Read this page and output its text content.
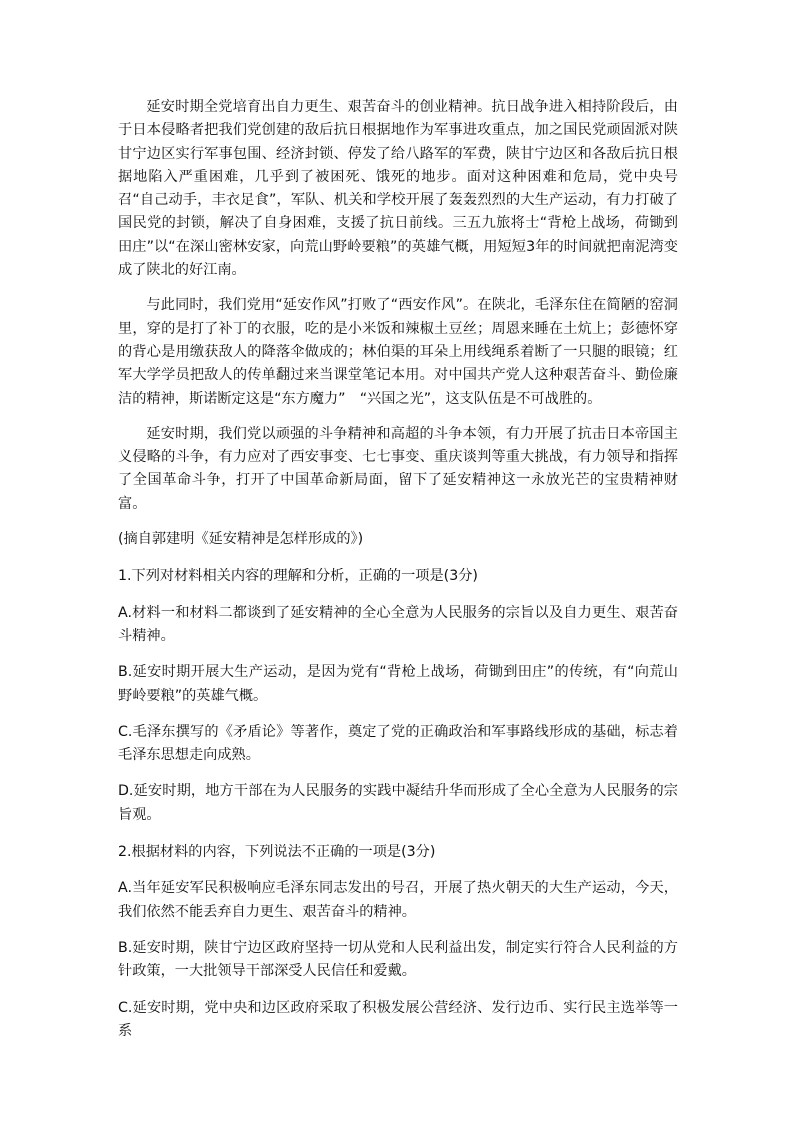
延安时期全党培育出自力更生、艰苦奋斗的创业精神。抗日战争进入相持阶段后，由于日本侵略者把我们党创建的敌后抗日根据地作为军事进攻重点，加之国民党顽固派对陕甘宁边区实行军事包围、经济封锁、停发了给八路军的军费，陕甘宁边区和各敌后抗日根据地陷入严重困难，几乎到了被困死、饿死的地步。面对这种困难和危局，党中央号召“自己动手，丰衣足食”，军队、机关和学校开展了轰轰烈烈的大生产运动，有力打破了国民党的封锁，解决了自身困难，支援了抗日前线。三五九旅将士“背枪上战场，荷锄到田庄”以“在深山密林安家，向荒山野岭要粮”的英雄气概，用短短3年的时间就把南泥湾变成了陕北的好江南。

与此同时，我们党用“延安作风”打败了“西安作风”。在陕北，毛泽东住在简陋的窑洞里，穿的是打了补丁的衣服，吃的是小米饭和辣椒土豆丝；周恩来睡在土炕上；彭德怀穿的背心是用缴获敌人的降落伞做成的；林伯渠的耳朵上用线绳系着断了一只腿的眼镜；红军大学学员把敌人的传单翻过来当课堂笔记本用。对中国共产党人这种艰苦奋斗、勤俭廉洁的精神，斯诺断定这是“东方魔力”　“兴国之光”，这支队伍是不可战胜的。

延安时期，我们党以顽强的斗争精神和高超的斗争本领，有力开展了抗击日本帝国主义侵略的斗争，有力应对了西安事变、七七事变、重庆谈判等重大挑战，有力领导和指挥了全国革命斗争，打开了中国革命新局面，留下了延安精神这一永放光芒的宝贵精神财富。

(摘自郭建明《延安精神是怎样形成的》)

1.下列对材料相关内容的理解和分析，正确的一项是(3分)

A.材料一和材料二都谈到了延安精神的全心全意为人民服务的宗旨以及自力更生、艰苦奋斗精神。

B.延安时期开展大生产运动，是因为党有“背枪上战场，荷锄到田庄”的传统，有“向荒山野岭要粮”的英雄气概。

C.毛泽东撰写的《矛盾论》等著作，奠定了党的正确政治和军事路线形成的基础，标志着毛泽东思想走向成熟。

D.延安时期，地方干部在为人民服务的实践中凝结升华而形成了全心全意为人民服务的宗旨观。

2.根据材料的内容，下列说法不正确的一项是(3分)

A.当年延安军民积极响应毛泽东同志发出的号召，开展了热火朝天的大生产运动，今天，我们依然不能丢弃自力更生、艰苦奋斗的精神。

B.延安时期，陕甘宁边区政府坚持一切从党和人民利益出发，制定实行符合人民利益的方针政策，一大批领导干部深受人民信任和爱戴。

C.延安时期，党中央和边区政府采取了积极发展公营经济、发行边币、实行民主选举等一系
